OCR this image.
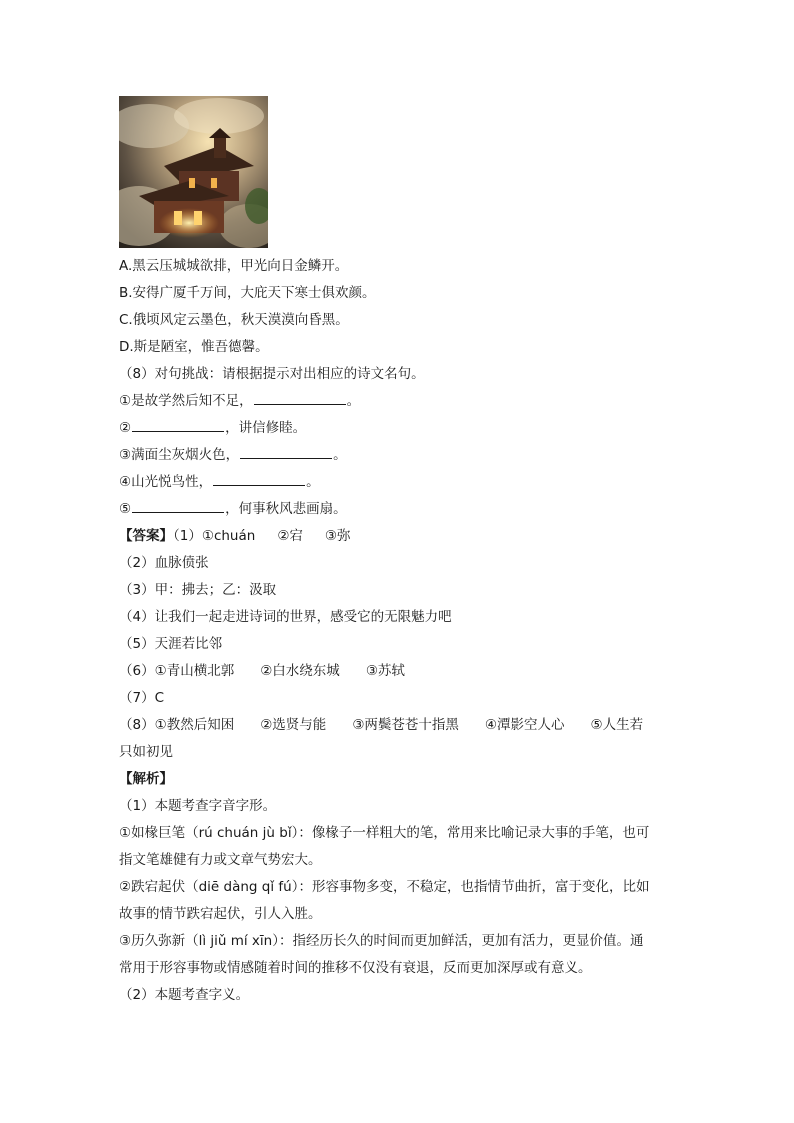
A.黑云压城城欲排，甲光向日金鳞开。
B.安得广厦千万间，大庇天下寒士俱欢颜。
C.俄顷风定云墨色，秋天漠漠向昏黑。
D.斯是陋室，惟吾德馨。
（8）对句挑战：请根据提示对出相应的诗文名句。
①是故学然后知不足，	。
②	，讲信修睦。
③满面尘灰烟火色，	。
④山光悦鸟性，	。
⑤	，何事秋风悲画扇。
【答案】（1）①chuán ②宕 ③弥
（2）血脉偾张
（3）甲：拂去；乙：汲取
（4）让我们一起走进诗词的世界，感受它的无限魅力吧
（5）天涯若比邻
（6）①青山横北郭 ②白水绕东城 ③苏轼
（7）C
（8）①教然后知困 ②选贤与能 ③两鬓苍苍十指黑 ④潭影空人心 ⑤人生若
只如初见
【解析】
（1）本题考查字音字形。
①如椽巨笔（rú chuán jù bǐ）：像椽子一样粗大的笔，常用来比喻记录大事的手笔，也可
指文笔雄健有力或文章气势宏大。
②跌宕起伏（diē dàng qǐ fú）：形容事物多变，不稳定，也指情节曲折，富于变化，比如
故事的情节跌宕起伏，引人入胜。
③历久弥新（lì jiǔ mí xīn）：指经历长久的时间而更加鲜活，更加有活力，更显价值。通
常用于形容事物或情感随着时间的推移不仅没有衰退，反而更加深厚或有意义。
（2）本题考查字义。
